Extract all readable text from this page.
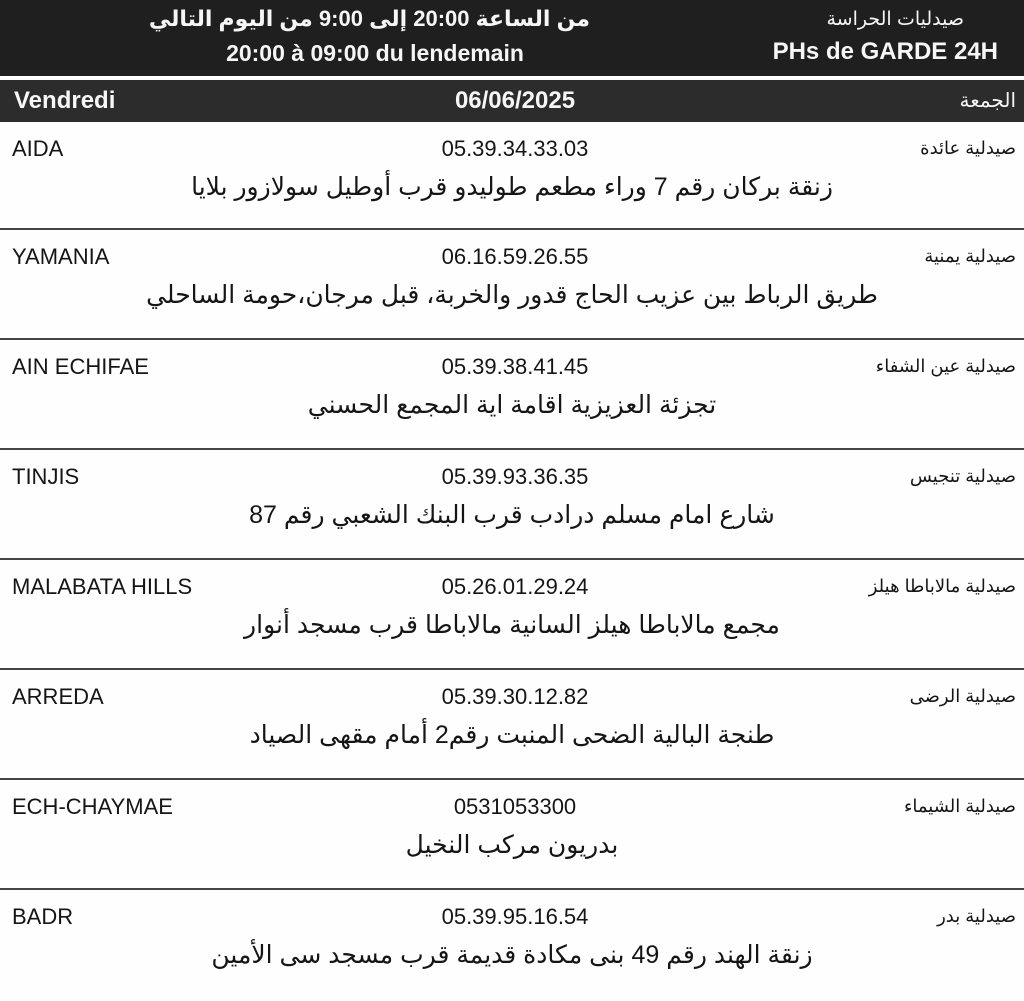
من الساعة 20:00 إلى 9:00 من اليوم التالي
20:00 à 09:00 du lendemain
صيدليات الحراسة
PHs de GARDE 24H
Vendredi	06/06/2025	الجمعة
AIDA	05.39.34.33.03	صيدلية عائدة
زنقة بركان رقم 7 وراء مطعم طوليدو قرب أوطيل سولازور بلايا
YAMANIA	06.16.59.26.55	صيدلية يمنية
طريق الرباط بين عزيب الحاج قدور والخربة، قبل مرجان،حومة الساحلي
AIN ECHIFAE	05.39.38.41.45	صيدلية عين الشفاء
تجزئة العزيزية اقامة اية المجمع الحسني
TINJIS	05.39.93.36.35	صيدلية تنجيس
شارع امام مسلم درادب قرب البنك الشعبي رقم 87
MALABATA HILLS	05.26.01.29.24	صيدلية مالاباطا هيلز
مجمع مالاباطا هيلز السانية مالاباطا قرب مسجد أنوار
ARREDA	05.39.30.12.82	صيدلية الرضى
طنجة البالية الضحى المنبت رقم2 أمام مقهى الصياد
ECH-CHAYMAE	0531053300	صيدلية الشيماء
بدريون مركب النخيل
BADR	05.39.95.16.54	صيدلية بدر
زنقة الهند رقم 49 بنى مكادة قديمة قرب مسجد سى الأمين
